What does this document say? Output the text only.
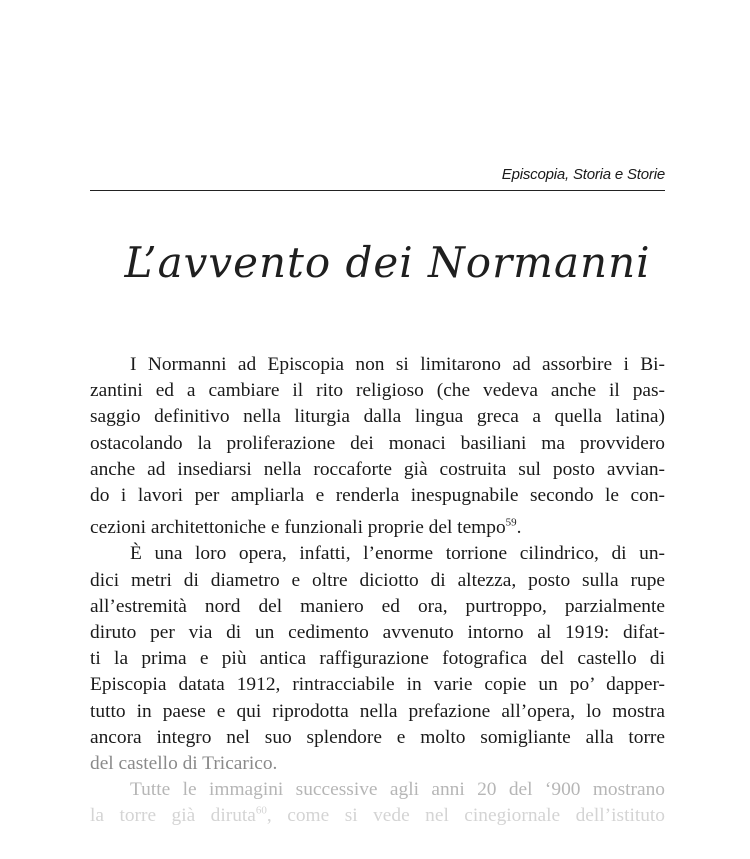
Episcopia, Storia e Storie
L’avvento dei Normanni

I Normanni ad Episcopia non si limitarono ad assorbire i Bi-
zantini ed a cambiare il rito religioso (che vedeva anche il pas-
saggio definitivo nella liturgia dalla lingua greca a quella latina)
ostacolando la proliferazione dei monaci basiliani ma provvidero
anche ad insediarsi nella roccaforte già costruita sul posto avvian-
do i lavori per ampliarla e renderla inespugnabile secondo le con-
cezioni architettoniche e funzionali proprie del tempo$^{59}$.

È una loro opera, infatti, l’enorme torrione cilindrico, di un-
dici metri di diametro e oltre diciotto di altezza, posto sulla rupe
all’estremità nord del maniero ed ora, purtroppo, parzialmente
diruto per via di un cedimento avvenuto intorno al 1919: difat-
ti la prima e più antica raffigurazione fotografica del castello di
Episcopia datata 1912, rintracciabile in varie copie un po’ dapper-
tutto in paese e qui riprodotta nella prefazione all’opera, lo mostra
ancora integro nel suo splendore e molto somigliante alla torre
del castello di Tricarico.

Tutte le immagini successive agli anni 20 del ‘900 mostrano
la torre già diruta$^{60}$, come si vede nel cinegiornale dell’istituto
